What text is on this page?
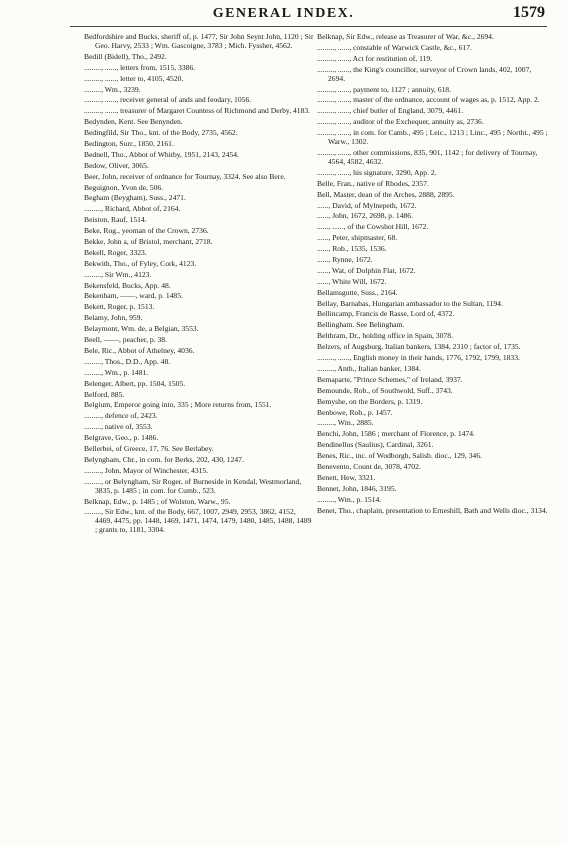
GENERAL INDEX.	1579

Bedfordshire and Bucks, sheriff of, p. 1477, Sir John Seynt John, 1120 ; Sir Geo. Harvy, 2533 ; Wm. Gascoigne, 3783 ; Mich. Fyssher, 4562.

Bedill (Bidell), Tho., 2492.

........., ......, letters from, 1515, 3386.

........., ......, letter to, 4105, 4520.

........., Wm., 3239.

........., ......, receiver general of ands and feodary, 1056.

........., ......, treasurer of Margaret Countess of Richmond and Derby, 4183.

Bedynden, Kent. See Benynden.

Bedingfild, Sir Tho., knt. of the Body, 2735, 4562.

Bedington, Surr., 1850, 2161.

Bednell, Tho., Abbot of Whitby, 1951, 2143, 2454.

Bedow, Oliver, 3065.

Beer, John, receiver of ordnance for Tournay, 3324. See also Bere.

Beguignon, Yvon de, 506.

Begham (Beygham), Suss., 2471.

........., Richard, Abbot of, 2164.

Beiston, Rauf, 1514.

Beke, Rog., yeoman of the Crown, 2736.

Bekke, John a, of Bristol, merchant, 2718.

Bekell, Roger, 3323.

Bekwith, Tho., of Fyley, Cork, 4123.

........., Sir Wm., 4123.

Bekensfeld, Bucks, App. 48.

Bekenham, ——, ward, p. 1485.

Bekett, Roger, p. 1513.

Belamy, John, 959.

Belaymont, Wm. de, a Belgian, 3553.

Beell, ——, peacher, p. 38.

Bele, Ric., Abbot of Athelney, 4036.

........., Thos., D.D., App. 48.

........., Wm., p. 1481.

Belenger, Albert, pp. 1504, 1505.

Belford, 885.

Belgium, Emperor going into, 335 ; More returns from, 1551.

........., defence of, 2423.

........., native of, 3553.

Belgrave, Geo., p. 1486.

Bellerbei, of Greece, 17, 76. See Berlabey.

Belyngham, Chr., in com. for Berks, 202, 430, 1247.

........., John, Mayor of Winchester, 4315.

........., or Belyngham, Sir Roger, of Burneside in Kendal, Westmorland, 3835, p. 1485 ; in com. for Cumb., 523.

Belknap, Edw., p. 1485 ; of Wolston, Warw., 95.

........., Sir Edw., knt. of the Body, 667, 1007, 2949, 2953, 3862, 4152, 4469, 4475, pp. 1448, 1469, 1471, 1474, 1479, 1480, 1485, 1488, 1489 ; grants to, 1181, 3304.

Belknap, Sir Edw., release as Treasurer of War, &c., 2694.

........., ......, constable of Warwick Castle, &c., 617.

........., ......, Act for restitution of, 119.

........., ......, the King's councillor, surveyor of Crown lands, 402, 1007, 2694.

........., ......, payment to, 1127 ; annuity, 618.

........., ......, master of the ordnance, account of wages as, p. 1512, App. 2.

........., ......, chief butler of England, 3079, 4461.

........., ......, auditor of the Exchequer, annuity as, 2736.

........., ......, in com. for Camb., 495 ; Leic., 1213 ; Linc., 495 ; Northt., 495 ; Warw., 1302.

........., ......, other commissions, 835, 901, 1142 ; for delivery of Tournay, 4564, 4582, 4632.

........., ......, his signature, 3290, App. 2.

Belle, Fran., native of Rhodes, 2357.

Bell, Master, dean of the Arches, 2888, 2895.

......, David, of Mylnepeth, 1672.

......, John, 1672, 2698, p. 1486.

......, ......, of the Cowshot Hill, 1672.

......, Peter, shipmaster, 68.

......, Rob., 1535, 1536.

......, Rynne, 1672.

......, Wat, of Dolphin Flat, 1672.

......, White Will, 1672.

Bellamsgutte, Suss., 2164.

Bellay, Barnabas, Hungarian ambassador to the Sultan, 1194.

Bellincamp, Francis de Rasse, Lord of, 4372.

Bellingham. See Belingham.

Belthram, Dr., holding office in Spain, 3078.

Belzers, of Augsburg, Italian bankers, 1384, 2310 ; factor of, 1735.

........., ......, English money in their hands, 1776, 1792, 1799, 1833.

........., Anth., Italian banker, 1384.

Bemaparte, "Prince Schemes," of Ireland, 3937.

Bemounde, Rob., of Southwold, Suff., 3743.

Bemyshe, on the Borders, p. 1319.

Benbowe, Rob., p. 1457.

........., Wm., 2885.

Benchi, John, 1586 ; merchant of Florence, p. 1474.

Bendinellus (Saulius), Cardinal, 3261.

Benes, Ric., inc. of Wodborgh, Salisb. dioc., 129, 346.

Benevento, Count de, 3078, 4702.

Benett, Hew, 3321.

Bennet, John, 1846, 3195.

........., Wm., p. 1514.

Benet, Tho., chaplain, presentation to Erneshill, Bath and Wells dioc., 3134.
